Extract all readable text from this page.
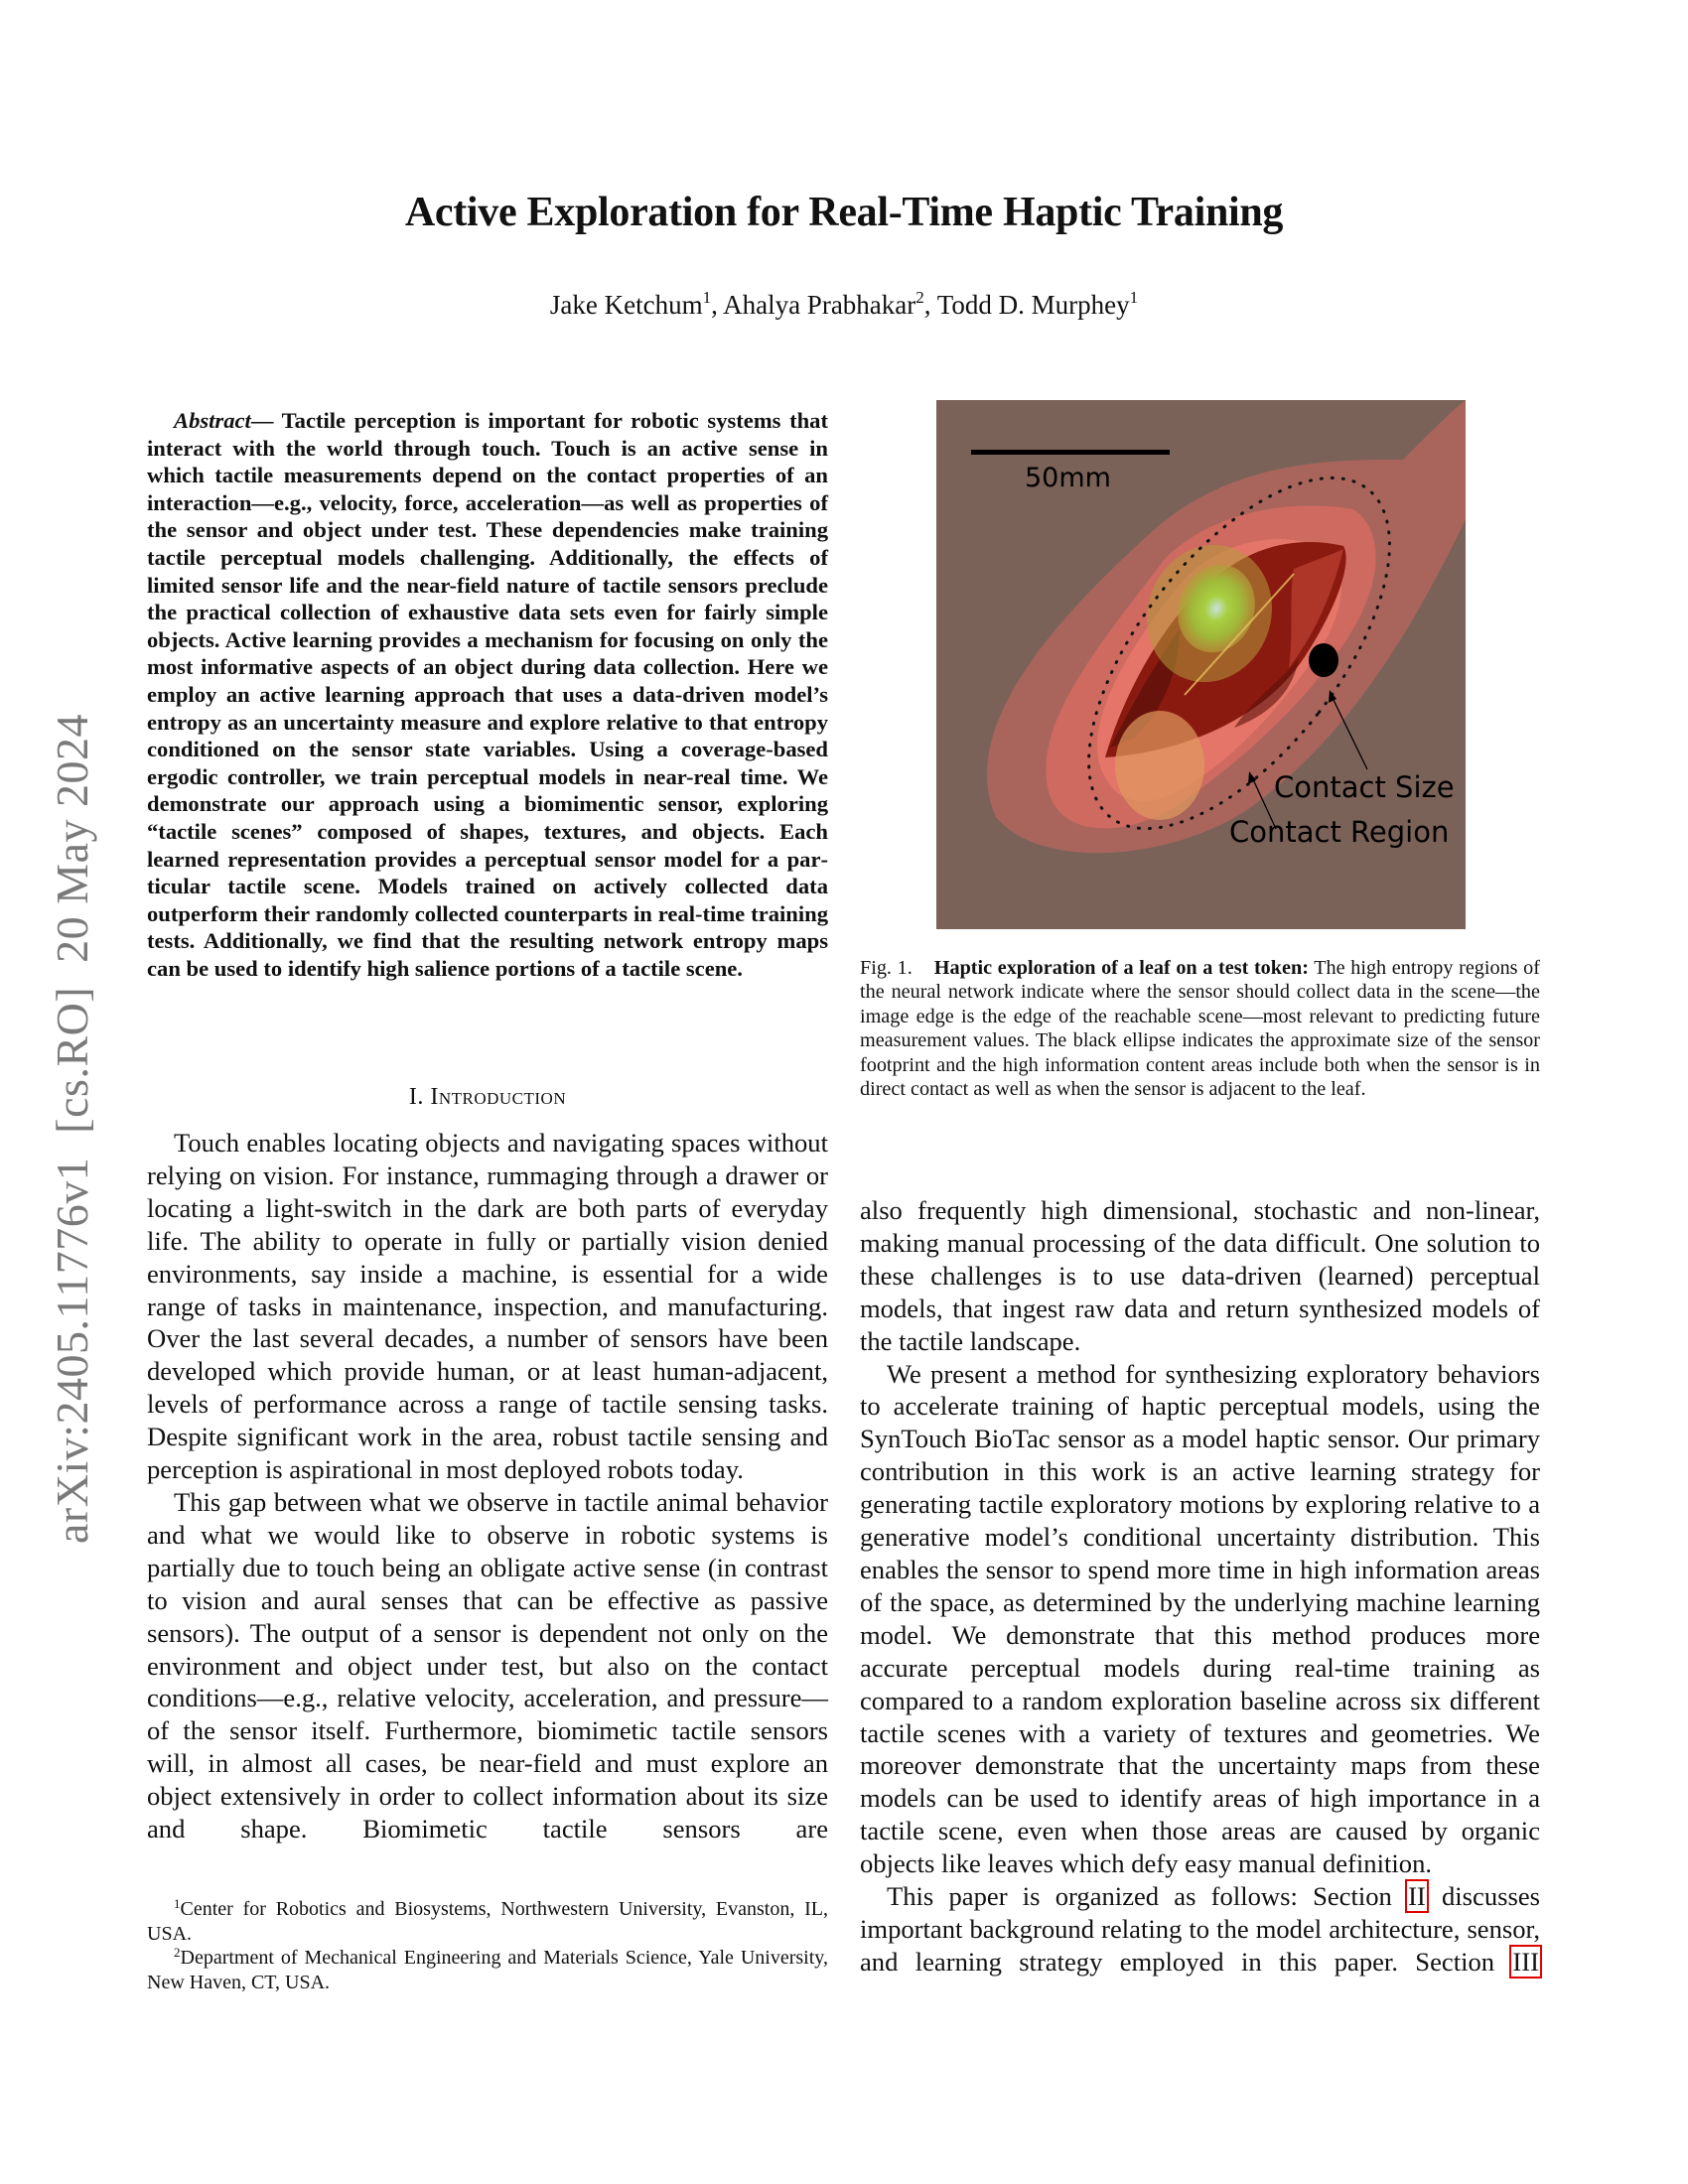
Active Exploration for Real-Time Haptic Training
Jake Ketchum$^1$, Ahalya Prabhakar$^2$, Todd D. Murphey$^1$
arXiv:2405.11776v1  [cs.RO]  20 May 2024

Abstract— Tactile perception is important for robotic systems that interact with the world through touch. Touch is an active sense in which tactile measurements depend on the contact properties of an interaction—e.g., velocity, force, acceleration—as well as properties of the sensor and object under test. These dependencies make training tactile perceptual models challenging. Additionally, the effects of limited sensor life and the near-field nature of tactile sensors preclude the practical collection of exhaustive data sets even for fairly simple objects. Active learning provides a mechanism for focusing on only the most informative aspects of an object during data collection. Here we employ an active learning approach that uses a data-driven model’s entropy as an uncertainty measure and explore relative to that entropy conditioned on the sensor state variables. Using a coverage-based ergodic controller, we train perceptual models in near-real time. We demonstrate our approach using a biomimentic sensor, exploring “tactile scenes” composed of shapes, textures, and objects. Each learned representation provides a perceptual sensor model for a particular tactile scene. Models trained on actively collected data outperform their randomly collected counterparts in real-time training tests. Additionally, we find that the resulting network entropy maps can be used to identify high salience portions of a tactile scene.

I. Introduction

Touch enables locating objects and navigating spaces without relying on vision. For instance, rummaging through a drawer or locating a light-switch in the dark are both parts of everyday life. The ability to operate in fully or partially vision denied environments, say inside a machine, is essential for a wide range of tasks in maintenance, inspection, and manufacturing. Over the last several decades, a number of sensors have been developed which provide human, or at least human-adjacent, levels of performance across a range of tactile sensing tasks. Despite significant work in the area, robust tactile sensing and perception is aspirational in most deployed robots today.

This gap between what we observe in tactile animal behavior and what we would like to observe in robotic systems is partially due to touch being an obligate active sense (in contrast to vision and aural senses that can be effective as passive sensors). The output of a sensor is dependent not only on the environment and object under test, but also on the contact conditions—e.g., relative velocity, acceleration, and pressure—of the sensor itself. Furthermore, biomimetic tactile sensors will, in almost all cases, be near-field and must explore an object extensively in order to collect information about its size and shape. Biomimetic tactile sensors are

$^1$Center for Robotics and Biosystems, Northwestern University, Evanston, IL, USA.

$^2$Department of Mechanical Engineering and Materials Science, Yale University, New Haven, CT, USA.

50mm
Contact Size
Contact Region
Fig. 1. Haptic exploration of a leaf on a test token: The high entropy regions of the neural network indicate where the sensor should collect data in the scene—the image edge is the edge of the reachable scene—most relevant to predicting future measurement values. The black ellipse indicates the approximate size of the sensor footprint and the high information content areas include both when the sensor is in direct contact as well as when the sensor is adjacent to the leaf.

also frequently high dimensional, stochastic and non-linear, making manual processing of the data difficult. One solution to these challenges is to use data-driven (learned) perceptual models, that ingest raw data and return synthesized models of the tactile landscape.

We present a method for synthesizing exploratory behaviors to accelerate training of haptic perceptual models, using the SynTouch BioTac sensor as a model haptic sensor. Our primary contribution in this work is an active learning strategy for generating tactile exploratory motions by exploring relative to a generative model’s conditional uncertainty distribution. This enables the sensor to spend more time in high information areas of the space, as determined by the underlying machine learning model. We demonstrate that this method produces more accurate perceptual models during real-time training as compared to a random exploration baseline across six different tactile scenes with a variety of textures and geometries. We moreover demonstrate that the uncertainty maps from these models can be used to identify areas of high importance in a tactile scene, even when those areas are caused by organic objects like leaves which defy easy manual definition.

This paper is organized as follows: Section II discusses important background relating to the model architecture, sensor, and learning strategy employed in this paper. Section III
